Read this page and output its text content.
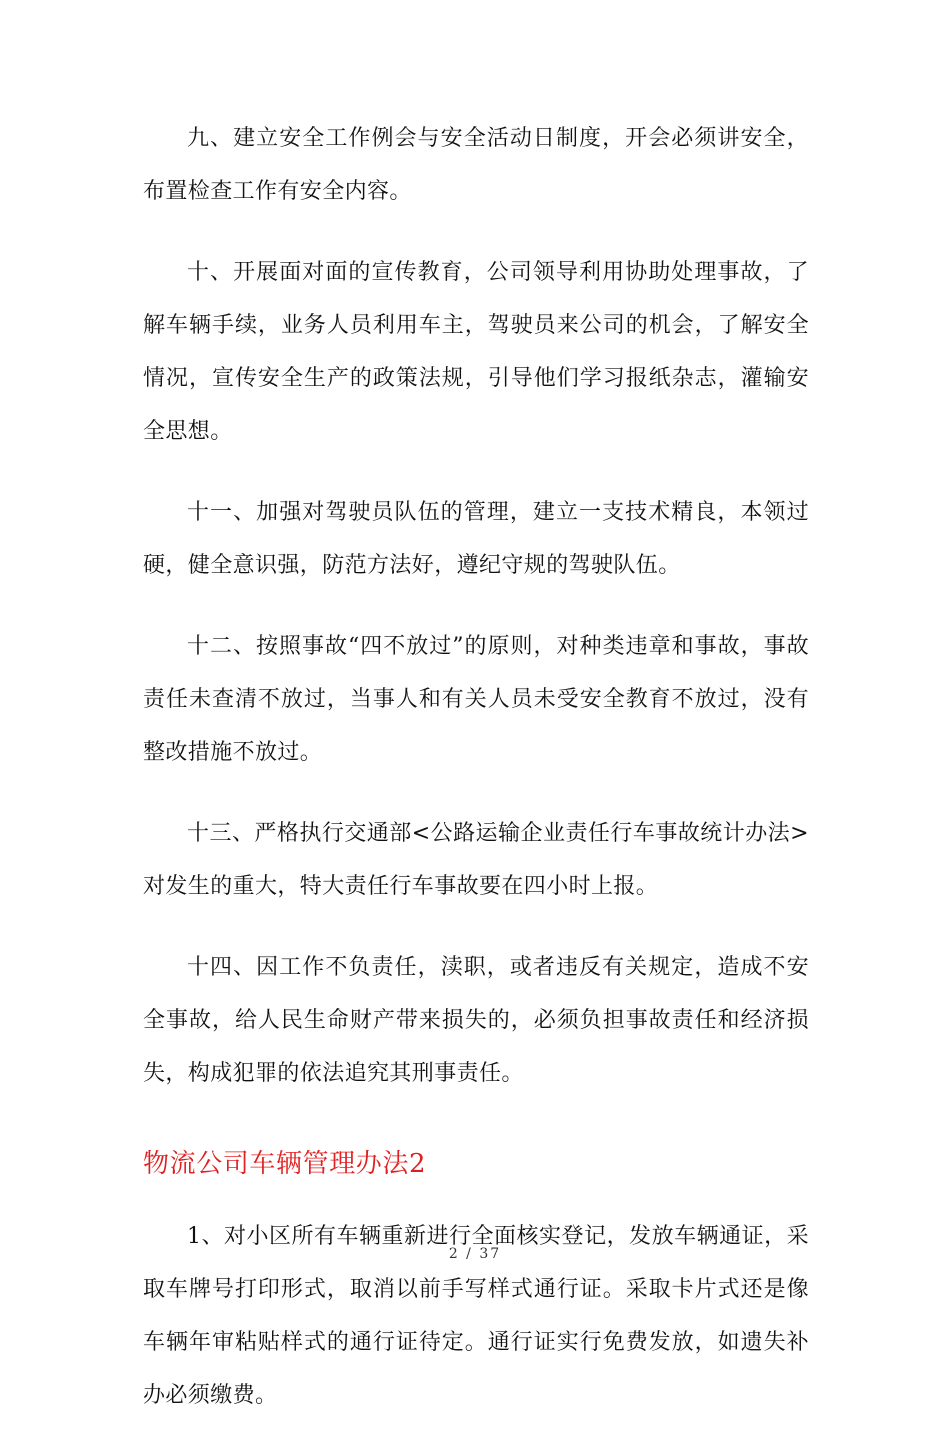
九、建立安全工作例会与安全活动日制度，开会必须讲安全，布置检查工作有安全内容。

十、开展面对面的宣传教育，公司领导利用协助处理事故，了解车辆手续，业务人员利用车主，驾驶员来公司的机会，了解安全情况，宣传安全生产的政策法规，引导他们学习报纸杂志，灌输安全思想。

十一、加强对驾驶员队伍的管理，建立一支技术精良，本领过硬，健全意识强，防范方法好，遵纪守规的驾驶队伍。

十二、按照事故“四不放过”的原则，对种类违章和事故，事故责任未查清不放过，当事人和有关人员未受安全教育不放过，没有整改措施不放过。

十三、严格执行交通部<公路运输企业责任行车事故统计办法>对发生的重大，特大责任行车事故要在四小时上报。

十四、因工作不负责任，渎职，或者违反有关规定，造成不安全事故，给人民生命财产带来损失的，必须负担事故责任和经济损失，构成犯罪的依法追究其刑事责任。

物流公司车辆管理办法2

1、对小区所有车辆重新进行全面核实登记，发放车辆通证，采取车牌号打印形式，取消以前手写样式通行证。采取卡片式还是像车辆年审粘贴样式的通行证待定。通行证实行免费发放，如遗失补办必须缴费。

2 / 37
